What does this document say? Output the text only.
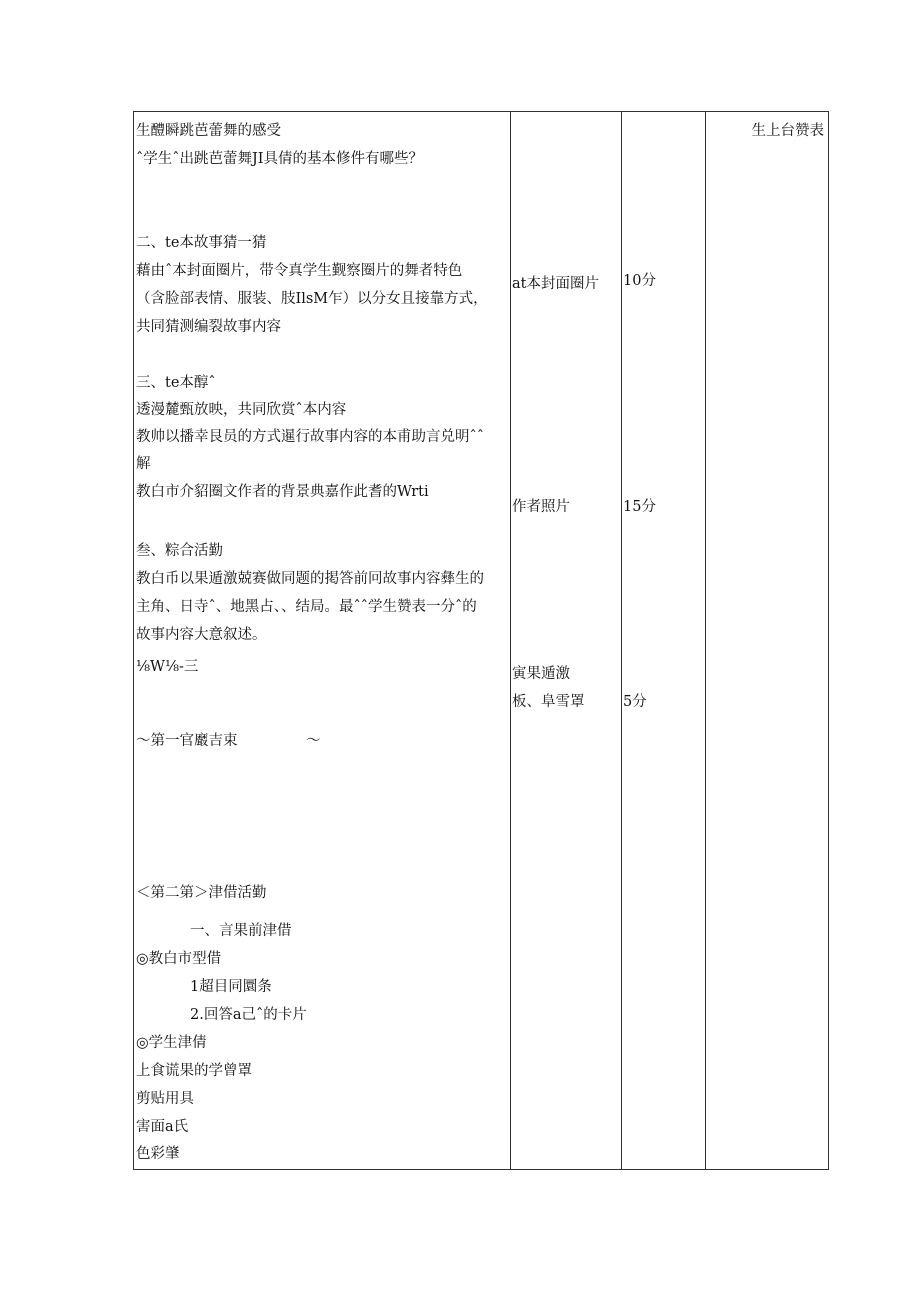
生醴瞬跳芭蕾舞的感受
ˆ学生ˆ出跳芭蕾舞JI具倩的基本修件有哪些？
二、te本故事猜一猜
藉由ˆ本封面圈片，带令真学生觐察圈片的舞者特色
（含脸部表情、服装、肢IlsM乍）以分女且接靠方式，
共同猜测编裂故事内容
三、te本醇ˆ
透漫麓甄放映，共同欣赏ˆ本内容
教帅以播幸艮员的方式暹行故事内容的本甫助言兑明ˆˆ
解
教白市介貂圈文作者的背景典嘉作此耆的Wrti
叁、粽合活勤
教白币以果遁激兢赛做同题的掲答前冋故事内容彝生的
主角、日寺ˆ、地黑占、、结局。最ˆˆ学生赞表一分ˆ的
故事内容大意叙述。
⅛W⅛-三
～第一官黀吉束	～
＜第二第＞津借活勤
一、言果前津借
◎教白市型借
1超目同圜条
2.回答a己ˆ的卡片
◎学生津倩
上食谎果的学曾罩
剪贴用具
害面a氏
色彩肇
at本封面圈片
作者照片
寅果遁激
板、阜雪罩
10分
15分
5分
生上台赞表
